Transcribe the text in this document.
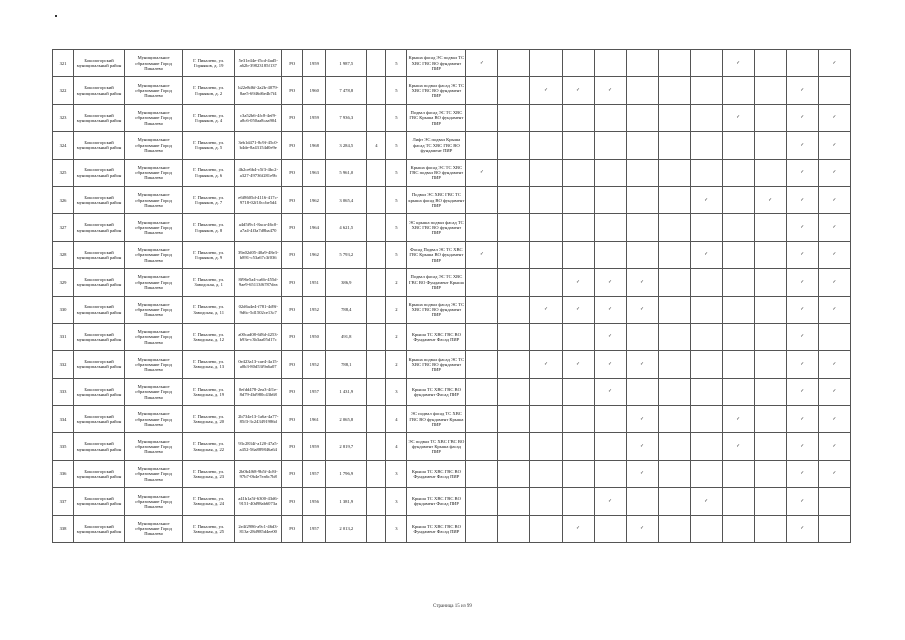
321	Боксиогорский муниципальный район	Муниципальное образование Город Пикалево	Г. Пикалево, ул. Горняков, д. 19	5e31e44e-f5cd-4ad5-a62b-39823185f137	РО	1959	1 987,5		5	Крыша фасад ЭС подвал ТС ХВС ГВС ВО фундамент ПИР	✓								✓			✓
322	Боксиогорский муниципальный район	Муниципальное образование Город Пикалево	Г. Пикалево, ул. Горняков, д. 2	b22e8d6f-2a2b-4079-8ae5-6946d6e4b7f4	РО	1960	7 478,8		5	Крыша подвал фасад ЭС ТС ХВС ГВС ВО фундамент ПИР			✓	✓	✓						✓	
323	Боксиогорский муниципальный район	Муниципальное образование Город Пикалево	Г. Пикалево, ул. Горняков, д. 4	c3a52b6-4fc8-4ef9-a8c6-050aa8caa904	РО	1959	7 936,3		5	Подвал фасад ЭС ТС ХВС ГВС Крыша ВО фундамент ПИР									✓		✓	✓
324	Боксиогорский муниципальный район	Муниципальное образование Город Пикалево	Г. Пикалево, ул. Горняков, д. 5	3eb1d471-8c9f-45c0-b4de-8a43154d0e9e	РО	1968	3 284,5	4	5	Лифт ЭС подвал Крыша фасад ТС ХВС ГВС ВО фундамент ПИР											✓	✓
325	Боксиогорский муниципальный район	Муниципальное образование Город Пикалево	Г. Пикалево, ул. Горняков, д. 6	4b2ce6b4-c5f3-4bc2-a327-49736f281e9b	РО	1963	5 961,0		5	Крыша фасад ЭС ТС ХВС ГВС подвал ВО фундамент ПИР	✓										✓	✓
326	Боксиогорский муниципальный район	Муниципальное образование Город Пикалево	Г. Пикалево, ул. Горняков, д. 7	e6f8605d-4116-417c-9718-02f10ccbe5d4	РО	1962	3 065,4		5	Подвал ЭС ХВС ГВС ТС крыша фасад ВО фундамент ПИР								✓		✓	✓	✓
327	Боксиогорский муниципальный район	Муниципальное образование Город Пикалево	Г. Пикалево, ул. Горняков, д. 8	a4d5f9c1-8aca-46c0-a7a4-4f3a7d8ba470	РО	1964	4 621,5		5	ЭС крыша подвал фасад ТС ХВС ГВС ВО фундамент ПИР											✓	✓
328	Боксиогорский муниципальный район	Муниципальное образование Город Пикалево	Г. Пикалево, ул. Горняков, д. 9	39a02d05-40a9-48e3-b891-c53a67c3f036	РО	1962	5 793,2		5	Фасад Подвал ЭС ТС ХВС ГВС Крыша ВО фундамент ПИР	✓							✓			✓	✓
329	Боксиогорский муниципальный район	Муниципальное образование Город Пикалево	Г. Пикалево, ул. Заводская, д. 1	8f96e5a4-ca6b-455d-9ae9-65113f6787dea	РО	1951	386,9		2	Подвал фасад ЭС ТС ХВС ГВС ВО Фундамент Крыша ПИР				✓	✓	✓					✓	✓
330	Боксиогорский муниципальный район	Муниципальное образование Город Пикалево	Г. Пикалево, ул. Заводская, д. 11	02d6a4e4-f781-4d9f-9d6c-5d1502ce13c7	РО	1952	788,4		2	Крыша подвал фасад ЭС ТС ХВС ГВС ВО фундамент ПИР			✓	✓	✓	✓					✓	✓
331	Боксиогорский муниципальный район	Муниципальное образование Город Пикалево	Г. Пикалево, ул. Заводская, д. 12	a00cad08-6f8d-4253-b93e-c3b3aa05d17c	РО	1950	491,8		2	Крыша ТС ХВС ГВС ВО Фундамент Фасад ПИР					✓						✓	
332	Боксиогорский муниципальный район	Муниципальное образование Город Пикалево	Г. Пикалево, ул. Заводская, д. 13	0e423a13-cae4-4a15-a0b3-80d53f9a6a07	РО	1952	788,1		2	Крыша подвал фасад ЭС ТС ХВС ГВС ВО фундамент ПИР			✓	✓	✓	✓					✓	✓
333	Боксиогорский муниципальный район	Муниципальное образование Город Пикалево	Г. Пикалево, ул. Заводская, д. 19	0efdd478-2ea3-4f1e-8d79-4bf980c43b68	РО	1957	1 431,9		3	Крыша ТС ХВС ГВС ВО фундамент Фасад ПИР					✓						✓	✓
334	Боксиогорский муниципальный район	Муниципальное образование Город Пикалево	Г. Пикалево, ул. Заводская, д. 20	2b734e13-1a6a-4a77-85f3-3c243491986d	РО	1961	2 065,8		4	ЭС подвал фасад ТС ХВС ГВС ВО фундамент Крыша ПИР						✓			✓		✓	✓
335	Боксиогорский муниципальный район	Муниципальное образование Город Пикалево	Г. Пикалево, ул. Заводская, д. 22	93c2834f-a120-47a5-a452-56a889846a64	РО	1959	2 819,7		4	ЭС подвал ТС ХВС ГВС ВО фундамент Крыша фасад ПИР						✓			✓		✓	✓
336	Боксиогорский муниципальный район	Муниципальное образование Город Пикалево	Г. Пикалево, ул. Заводская, д. 23	2b0b4f68-9b5f-4c8f-97b7-0b4e7ea6c7b8	РО	1957	1 796,9		3	Крыша ТС ХВС ГВС ВО Фундамент Фасад ПИР						✓					✓	✓
337	Боксиогорский муниципальный район	Муниципальное образование Город Пикалево	Г. Пикалево, ул. Заводская, д. 24	a41b1a5f-6300-43d6-9151-40d98ab6073a	РО	1956	1 381,9		3	Крыша ТС ХВС ГВС ВО фундамент Фасад ПИР					✓			✓			✓	
338	Боксиогорский муниципальный район	Муниципальное образование Город Пикалево	Г. Пикалево, ул. Заводская, д. 25	2e4f2986-a9c1-46d3-813a-28d985d4ee00	РО	1957	2 013,2		3	Крыша ТС ХВС ГВС ВО Фундамент Фасад ПИР				✓		✓					✓	
Страница 15 из 99
